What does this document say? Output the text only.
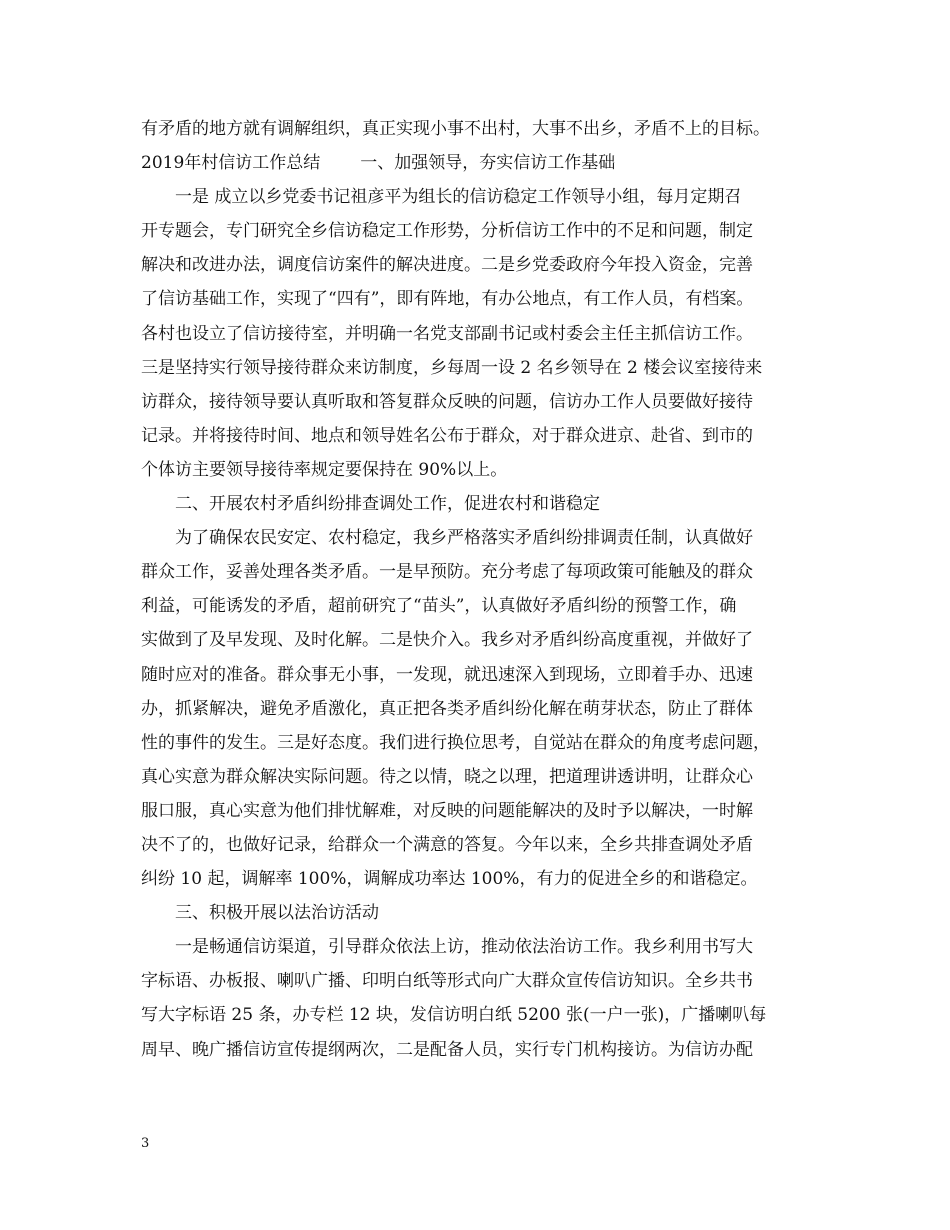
有矛盾的地方就有调解组织，真正实现小事不出村，大事不出乡，矛盾不上的目标。
2019年村信访工作总结 一、加强领导，夯实信访工作基础
一是 成立以乡党委书记祖彦平为组长的信访稳定工作领导小组，每月定期召
开专题会，专门研究全乡信访稳定工作形势，分析信访工作中的不足和问题，制定
解决和改进办法，调度信访案件的解决进度。二是乡党委政府今年投入资金，完善
了信访基础工作，实现了“四有”，即有阵地，有办公地点，有工作人员，有档案。
各村也设立了信访接待室，并明确一名党支部副书记或村委会主任主抓信访工作。
三是坚持实行领导接待群众来访制度，乡每周一设 2 名乡领导在 2 楼会议室接待来
访群众，接待领导要认真听取和答复群众反映的问题，信访办工作人员要做好接待
记录。并将接待时间、地点和领导姓名公布于群众，对于群众进京、赴省、到市的
个体访主要领导接待率规定要保持在 90%以上。
二、开展农村矛盾纠纷排查调处工作，促进农村和谐稳定
为了确保农民安定、农村稳定，我乡严格落实矛盾纠纷排调责任制，认真做好
群众工作，妥善处理各类矛盾。一是早预防。充分考虑了每项政策可能触及的群众
利益，可能诱发的矛盾，超前研究了“苗头”，认真做好矛盾纠纷的预警工作，确
实做到了及早发现、及时化解。二是快介入。我乡对矛盾纠纷高度重视，并做好了
随时应对的准备。群众事无小事，一发现，就迅速深入到现场，立即着手办、迅速
办，抓紧解决，避免矛盾激化，真正把各类矛盾纠纷化解在萌芽状态，防止了群体
性的事件的发生。三是好态度。我们进行换位思考，自觉站在群众的角度考虑问题，
真心实意为群众解决实际问题。待之以情，晓之以理，把道理讲透讲明，让群众心
服口服，真心实意为他们排忧解难，对反映的问题能解决的及时予以解决，一时解
决不了的，也做好记录，给群众一个满意的答复。今年以来，全乡共排查调处矛盾
纠纷 10 起，调解率 100%，调解成功率达 100%，有力的促进全乡的和谐稳定。
三、积极开展以法治访活动
一是畅通信访渠道，引导群众依法上访，推动依法治访工作。我乡利用书写大
字标语、办板报、喇叭广播、印明白纸等形式向广大群众宣传信访知识。全乡共书
写大字标语 25 条，办专栏 12 块，发信访明白纸 5200 张(一户一张)，广播喇叭每
周早、晚广播信访宣传提纲两次，二是配备人员，实行专门机构接访。为信访办配
3
